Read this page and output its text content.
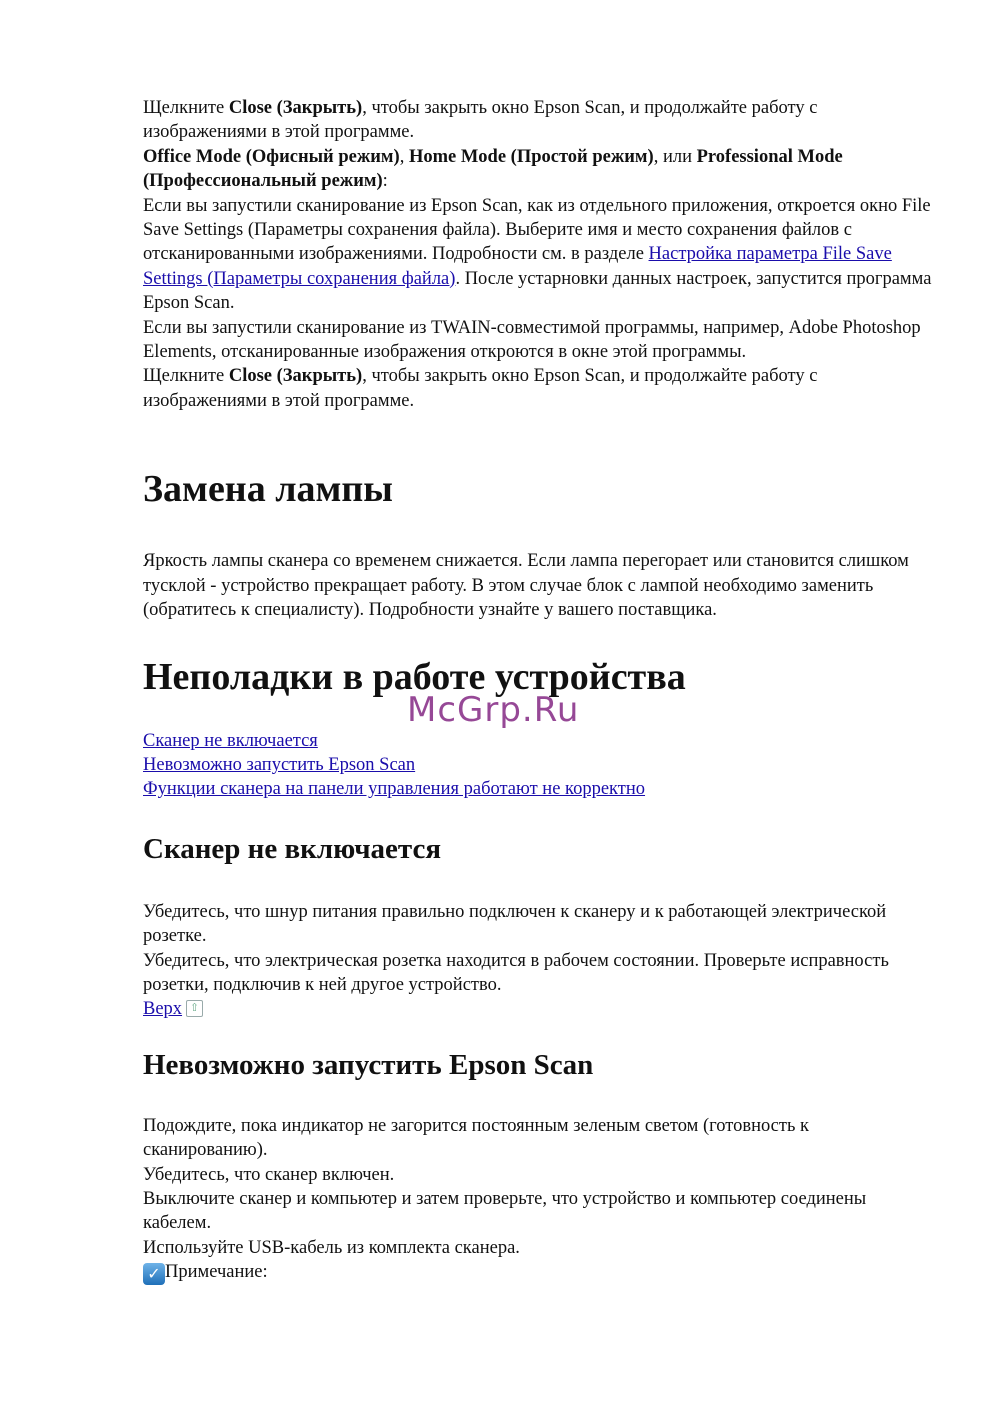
Щелкните Close (Закрыть), чтобы закрыть окно Epson Scan, и продолжайте работу с изображениями в этой программе.

Office Mode (Офисный режим), Home Mode (Простой режим), или Professional Mode (Профессиональный режим):

Если вы запустили сканирование из Epson Scan, как из отдельного приложения, откроется окно File Save Settings (Параметры сохранения файла). Выберите имя и место сохранения файлов с отсканированными изображениями. Подробности см. в разделе Настройка параметра File Save Settings (Параметры сохранения файла). После устарновки данных настроек, запустится программа Epson Scan.

Если вы запустили сканирование из TWAIN-совместимой программы, например, Adobe Photoshop Elements, отсканированные изображения откроются в окне этой программы.

Щелкните Close (Закрыть), чтобы закрыть окно Epson Scan, и продолжайте работу с изображениями в этой программе.

Замена лампы

Яркость лампы сканера со временем снижается. Если лампа перегорает или становится слишком тусклой - устройство прекращает работу. В этом случае блок с лампой необходимо заменить (обратитесь к специалисту). Подробности узнайте у вашего поставщика.

Неполадки в работе устройства

Сканер не включается
Невозможно запустить Epson Scan
Функции сканера на панели управления работают не корректно

Сканер не включается

Убедитесь, что шнур питания правильно подключен к сканеру и к работающей электрической розетке.

Убедитесь, что электрическая розетка находится в рабочем состоянии. Проверьте исправность розетки, подключив к ней другое устройство.

Верх ⇧

Невозможно запустить Epson Scan

Подождите, пока индикатор не загорится постоянным зеленым светом (готовность к сканированию).

Убедитесь, что сканер включен.

Выключите сканер и компьютер и затем проверьте, что устройство и компьютер соединены кабелем.

Используйте USB-кабель из комплекта сканера.

✓ Примечание:

McGrp.Ru
